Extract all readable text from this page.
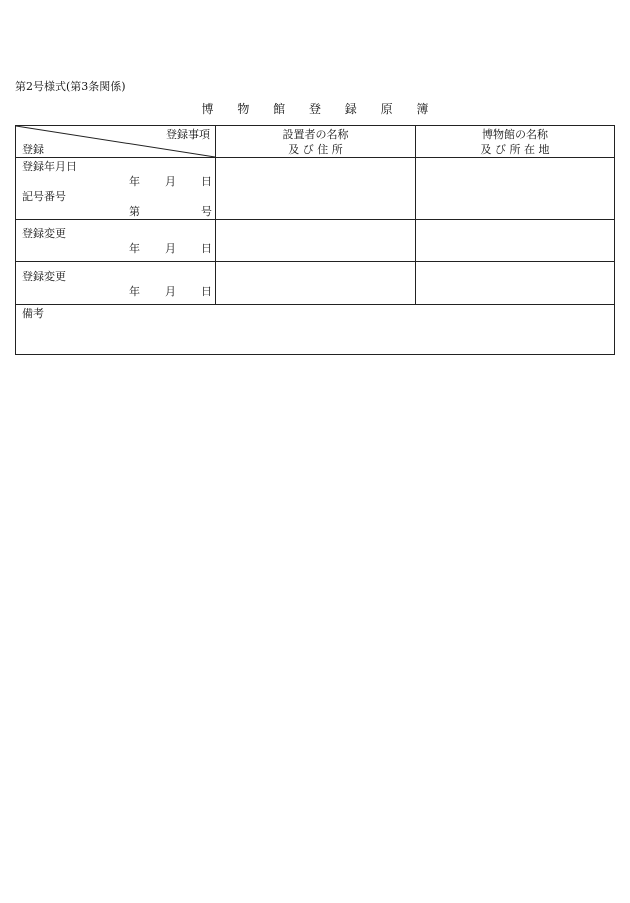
第2号様式(第3条関係)
博 物 館 登 録 原 簿
登録事項
登録
設置者の名称
及 び 住 所
博物館の名称
及 び 所 在 地
登録年月日
年 月 日
記号番号
第	号
登録変更
年 月 日
登録変更
年 月 日
備考
